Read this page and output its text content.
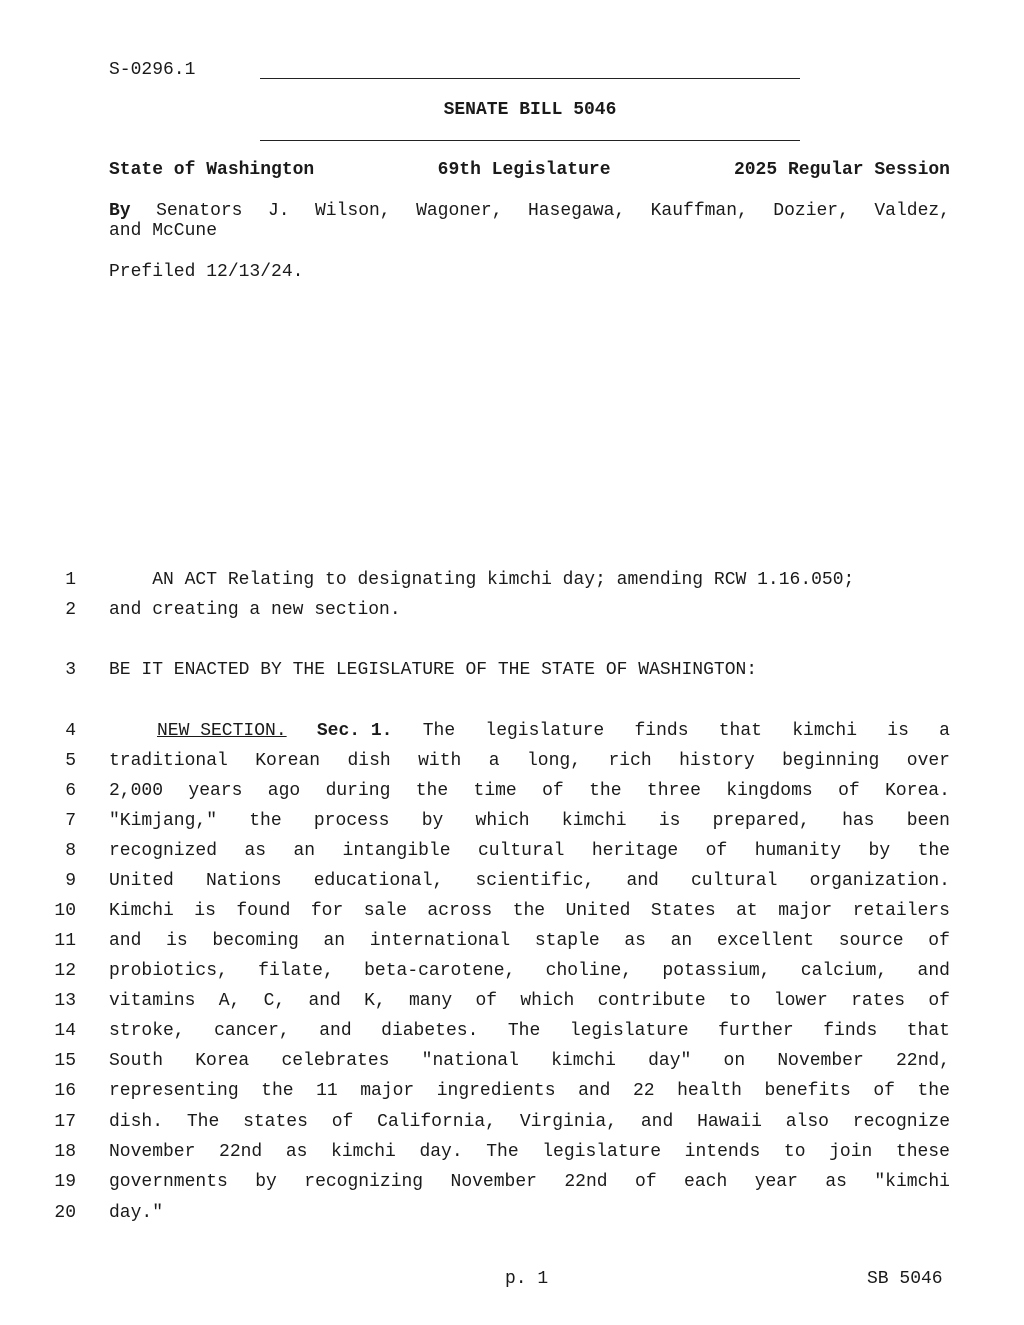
S-0296.1
SENATE BILL 5046
State of Washington	69th Legislature	2025 Regular Session
By Senators J. Wilson, Wagoner, Hasegawa, Kauffman, Dozier, Valdez,
and McCune
Prefiled 12/13/24.
1 AN ACT Relating to designating kimchi day; amending RCW 1.16.050;
2 and creating a new section.
3 BE IT ENACTED BY THE LEGISLATURE OF THE STATE OF WASHINGTON:
4	NEW SECTION. Sec. 1. The legislature finds that kimchi is a
5 traditional Korean dish with a long, rich history beginning over
6 2,000 years ago during the time of the three kingdoms of Korea.
7 "Kimjang," the process by which kimchi is prepared, has been
8 recognized as an intangible cultural heritage of humanity by the
9 United Nations educational, scientific, and cultural organization.
10 Kimchi is found for sale across the United States at major retailers
11 and is becoming an international staple as an excellent source of
12 probiotics, filate, beta-carotene, choline, potassium, calcium, and
13 vitamins A, C, and K, many of which contribute to lower rates of
14 stroke, cancer, and diabetes. The legislature further finds that
15 South Korea celebrates "national kimchi day" on November 22nd,
16 representing the 11 major ingredients and 22 health benefits of the
17 dish. The states of California, Virginia, and Hawaii also recognize
18 November 22nd as kimchi day. The legislature intends to join these
19 governments by recognizing November 22nd of each year as "kimchi
20 day."
p. 1	SB 5046
